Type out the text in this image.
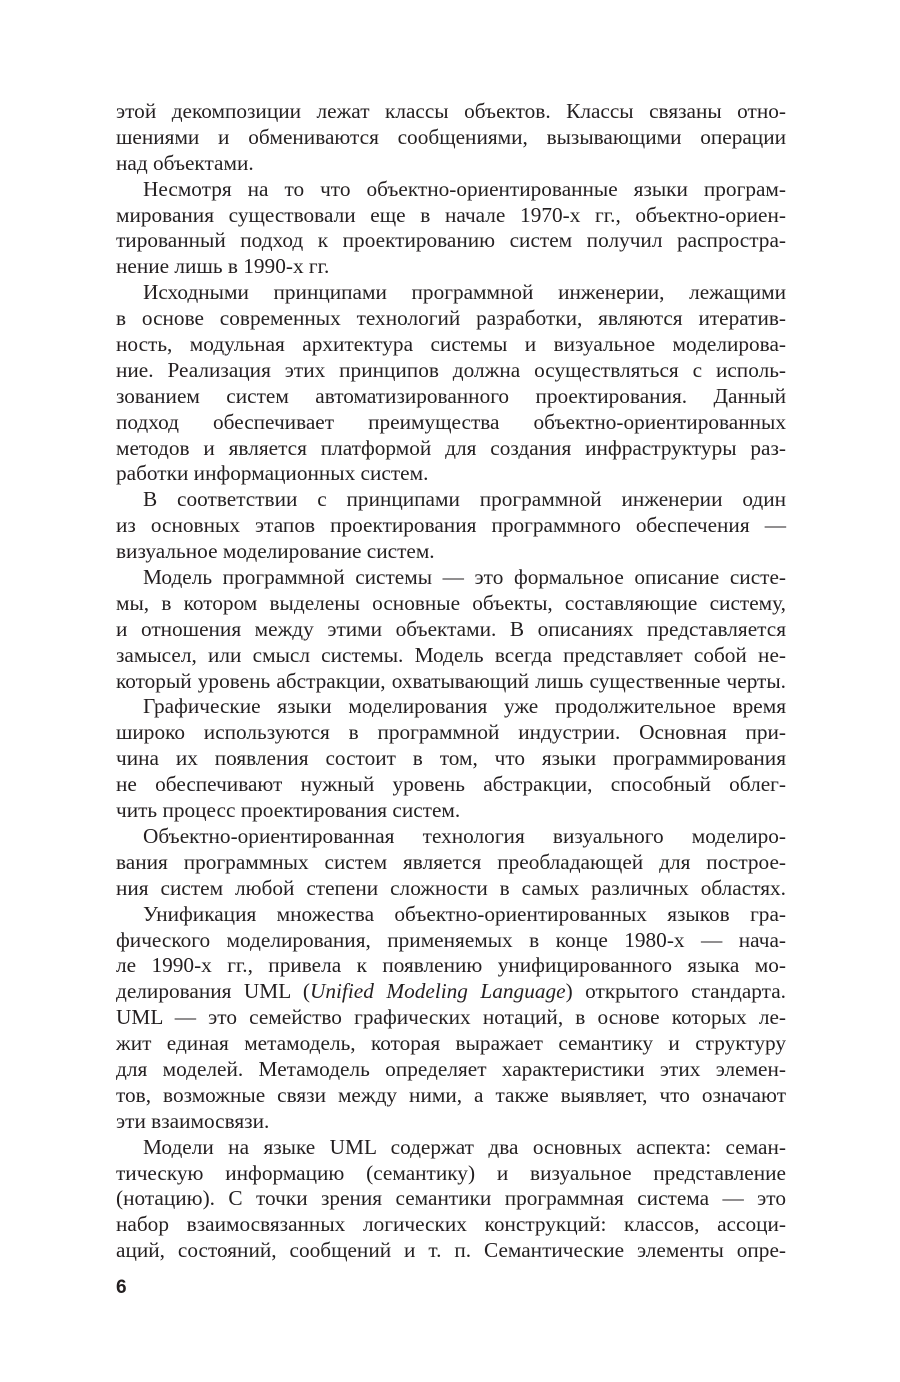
этой декомпозиции лежат классы объектов. Классы связаны отно-
шениями и обмениваются сообщениями, вызывающими операции
над объектами.
Несмотря на то что объектно-ориентированные языки програм-
мирования существовали еще в начале 1970-х гг., объектно-ориен-
тированный подход к проектированию систем получил распростра-
нение лишь в 1990-х гг.
Исходными принципами программной инженерии, лежащими
в основе современных технологий разработки, являются итератив-
ность, модульная архитектура системы и визуальное моделирова-
ние. Реализация этих принципов должна осуществляться с исполь-
зованием систем автоматизированного проектирования. Данный
подход обеспечивает преимущества объектно-ориентированных
методов и является платформой для создания инфраструктуры раз-
работки информационных систем.
В соответствии с принципами программной инженерии один
из основных этапов проектирования программного обеспечения —
визуальное моделирование систем.
Модель программной системы — это формальное описание систе-
мы, в котором выделены основные объекты, составляющие систему,
и отношения между этими объектами. В описаниях представляется
замысел, или смысл системы. Модель всегда представляет собой не-
который уровень абстракции, охватывающий лишь существенные черты.
Графические языки моделирования уже продолжительное время
широко используются в программной индустрии. Основная при-
чина их появления состоит в том, что языки программирования
не обеспечивают нужный уровень абстракции, способный облег-
чить процесс проектирования систем.
Объектно-ориентированная технология визуального моделиро-
вания программных систем является преобладающей для построе-
ния систем любой степени сложности в самых различных областях.
Унификация множества объектно-ориентированных языков гра-
фического моделирования, применяемых в конце 1980-х — нача-
ле 1990-х гг., привела к появлению унифицированного языка мо-
делирования UML (Unified Modeling Language) открытого стандарта.
UML — это семейство графических нотаций, в основе которых ле-
жит единая метамодель, которая выражает семантику и структуру
для моделей. Метамодель определяет характеристики этих элемен-
тов, возможные связи между ними, а также выявляет, что означают
эти взаимосвязи.
Модели на языке UML содержат два основных аспекта: семан-
тическую информацию (семантику) и визуальное представление
(нотацию). С точки зрения семантики программная система — это
набор взаимосвязанных логических конструкций: классов, ассоци-
аций, состояний, сообщений и т. п. Семантические элементы опре-
6
